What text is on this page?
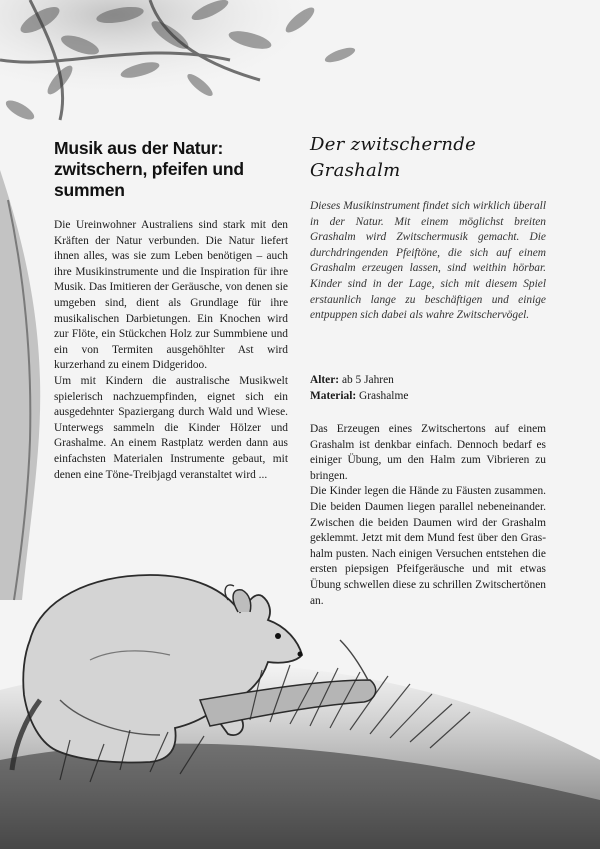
Musik aus der Natur: zwitschern, pfeifen und summen

Die Ureinwohner Australiens sind stark mit den Kräften der Natur verbunden. Die Natur liefert ihnen alles, was sie zum Leben benötigen – auch ihre Musikinstrumente und die Inspiration für ihre Musik. Das Imitieren der Geräusche, von denen sie umgeben sind, dient als Grundlage für ihre musikalischen Darbietungen. Ein Knochen wird zur Flöte, ein Stückchen Holz zur Summbiene und ein von Termiten ausgehöhlter Ast wird kurzerhand zu einem Didgeridoo.

Um mit Kindern die australische Musikwelt spielerisch nachzuempfinden, eignet sich ein ausgedehnter Spaziergang durch Wald und Wiese. Unterwegs sammeln die Kinder Hölzer und Grashalme. An einem Rastplatz werden dann aus einfachsten Materialen Instrumente gebaut, mit denen eine Töne-Treibjagd veranstaltet wird ...

Der zwitschernde Grashalm

Dieses Musikinstrument findet sich wirklich überall in der Natur. Mit einem möglichst breiten Grashalm wird Zwitschermusik gemacht. Die durchdringenden Pfeiftöne, die sich auf einem Grashalm erzeugen lassen, sind weithin hörbar. Kinder sind in der Lage, sich mit diesem Spiel erstaunlich lange zu beschäftigen und einige entpuppen sich dabei als wahre Zwitschervögel.

Alter: ab 5 Jahren
Material: Grashalme

Das Erzeugen eines Zwitschertons auf einem Grashalm ist denkbar einfach. Dennoch bedarf es einiger Übung, um den Halm zum Vibrieren zu bringen.

Die Kinder legen die Hände zu Fäusten zusammen. Die beiden Daumen liegen parallel nebeneinander. Zwischen die beiden Daumen wird der Grashalm geklemmt. Jetzt mit dem Mund fest über den Grashalm pusten. Nach einigen Versuchen entstehen die ersten piepsigen Pfeifgeräusche und mit etwas Übung schwellen diese zu schrillen Zwitschertönen an.
